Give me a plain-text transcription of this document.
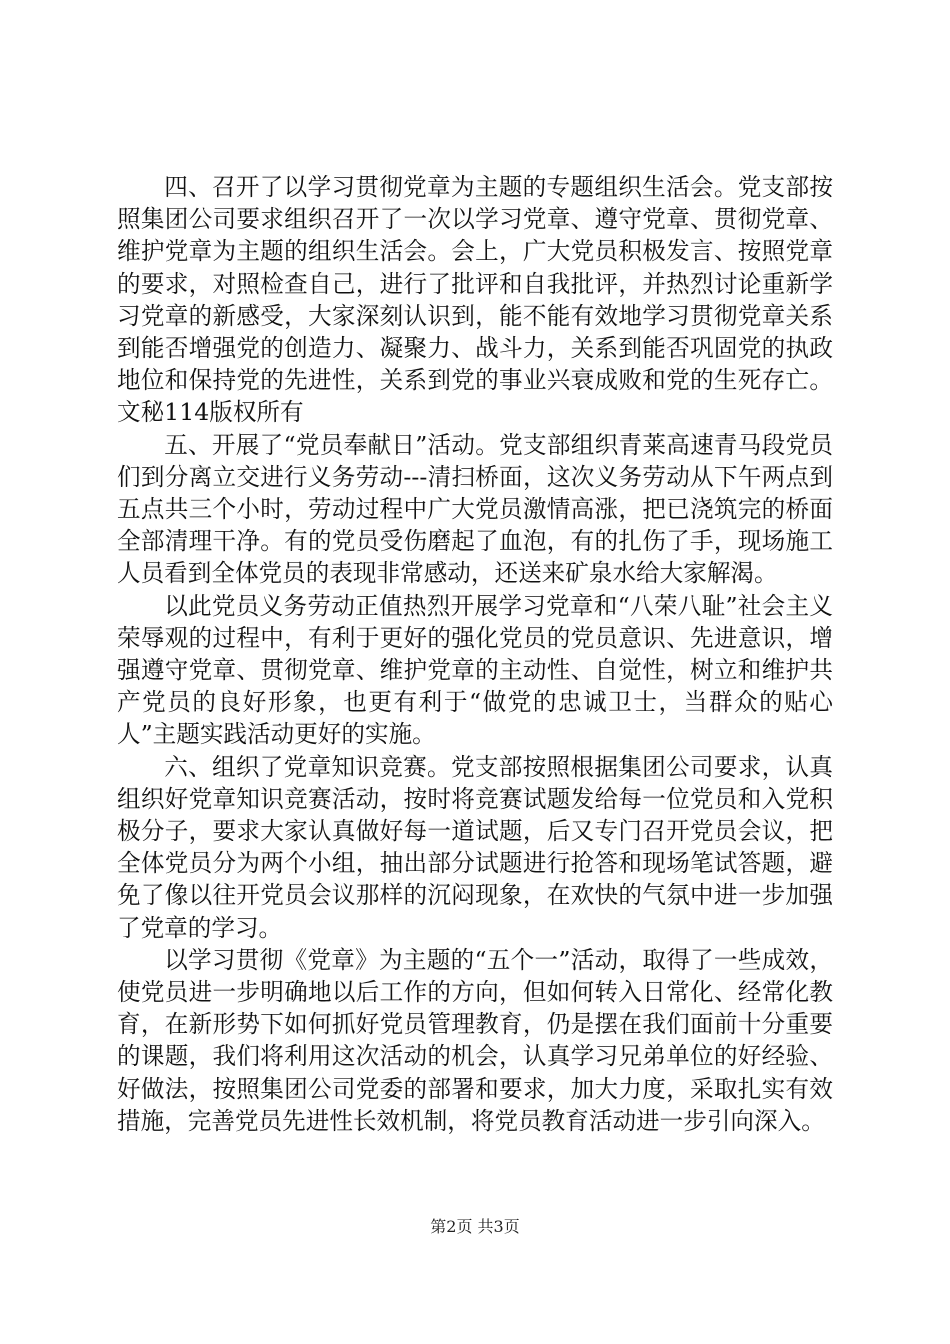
四、召开了以学习贯彻党章为主题的专题组织生活会。党支部按照集团公司要求组织召开了一次以学习党章、遵守党章、贯彻党章、维护党章为主题的组织生活会。会上，广大党员积极发言、按照党章的要求，对照检查自己，进行了批评和自我批评，并热烈讨论重新学习党章的新感受，大家深刻认识到，能不能有效地学习贯彻党章关系到能否增强党的创造力、凝聚力、战斗力，关系到能否巩固党的执政地位和保持党的先进性，关系到党的事业兴衰成败和党的生死存亡。文秘114版权所有

五、开展了“党员奉献日”活动。党支部组织青莱高速青马段党员们到分离立交进行义务劳动---清扫桥面，这次义务劳动从下午两点到五点共三个小时，劳动过程中广大党员激情高涨，把已浇筑完的桥面全部清理干净。有的党员受伤磨起了血泡，有的扎伤了手，现场施工人员看到全体党员的表现非常感动，还送来矿泉水给大家解渴。

以此党员义务劳动正值热烈开展学习党章和“八荣八耻”社会主义荣辱观的过程中，有利于更好的强化党员的党员意识、先进意识，增强遵守党章、贯彻党章、维护党章的主动性、自觉性，树立和维护共产党员的良好形象，也更有利于“做党的忠诚卫士，当群众的贴心人”主题实践活动更好的实施。

六、组织了党章知识竞赛。党支部按照根据集团公司要求，认真组织好党章知识竞赛活动，按时将竞赛试题发给每一位党员和入党积极分子，要求大家认真做好每一道试题，后又专门召开党员会议，把全体党员分为两个小组，抽出部分试题进行抢答和现场笔试答题，避免了像以往开党员会议那样的沉闷现象，在欢快的气氛中进一步加强了党章的学习。

以学习贯彻《党章》为主题的“五个一”活动，取得了一些成效，使党员进一步明确地以后工作的方向，但如何转入日常化、经常化教育，在新形势下如何抓好党员管理教育，仍是摆在我们面前十分重要的课题，我们将利用这次活动的机会，认真学习兄弟单位的好经验、好做法，按照集团公司党委的部署和要求，加大力度，采取扎实有效措施，完善党员先进性长效机制，将党员教育活动进一步引向深入。

第2页 共3页
